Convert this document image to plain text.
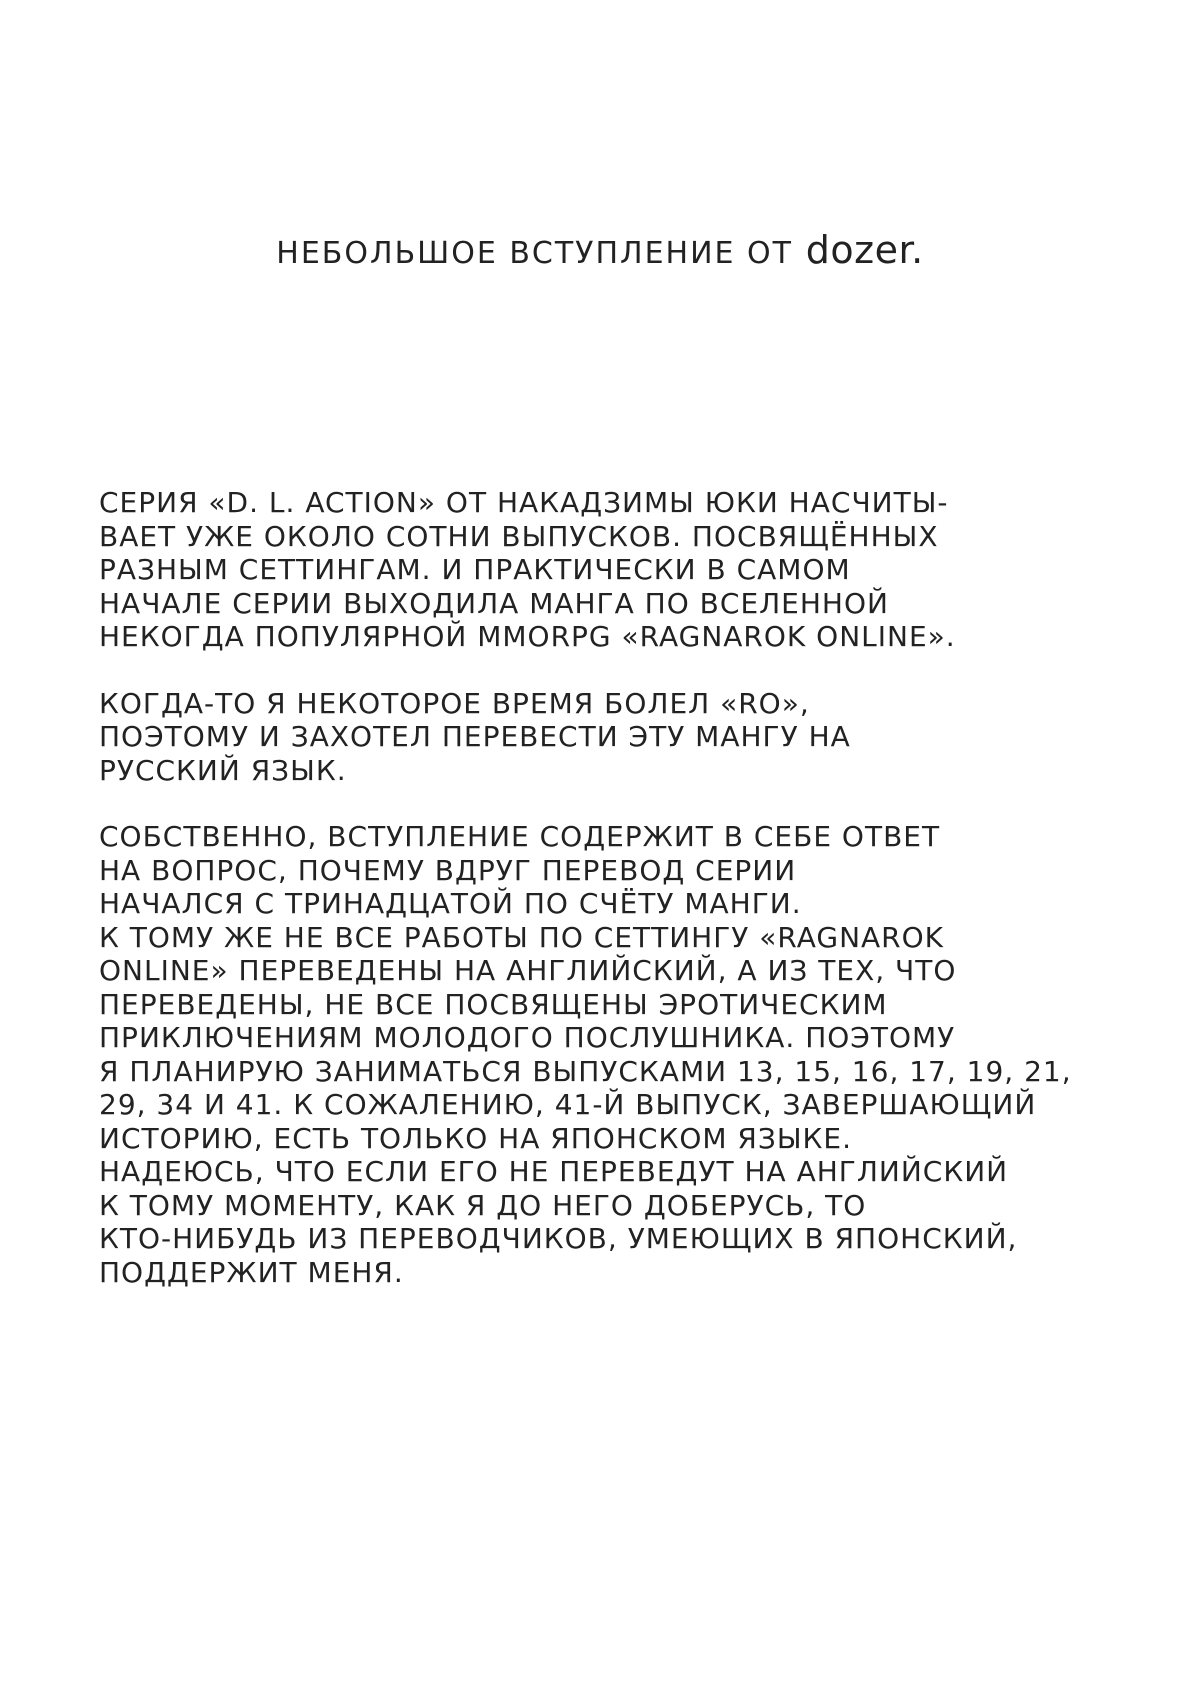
НЕБОЛЬШОЕ ВСТУПЛЕНИЕ ОТ dozer.

СЕРИЯ «D. L. ACTION» ОТ НАКАДЗИМЫ ЮКИ НАСЧИТЫ-
ВАЕТ УЖЕ ОКОЛО СОТНИ ВЫПУСКОВ. ПОСВЯЩЁННЫХ
РАЗНЫМ СЕТТИНГАМ. И ПРАКТИЧЕСКИ В САМОМ
НАЧАЛЕ СЕРИИ ВЫХОДИЛА МАНГА ПО ВСЕЛЕННОЙ
НЕКОГДА ПОПУЛЯРНОЙ MMORPG «RAGNAROK ONLINE».

КОГДА-ТО Я НЕКОТОРОЕ ВРЕМЯ БОЛЕЛ «RO»,
ПОЭТОМУ И ЗАХОТЕЛ ПЕРЕВЕСТИ ЭТУ МАНГУ НА
РУССКИЙ ЯЗЫК.

СОБСТВЕННО, ВСТУПЛЕНИЕ СОДЕРЖИТ В СЕБЕ ОТВЕТ
НА ВОПРОС, ПОЧЕМУ ВДРУГ ПЕРЕВОД СЕРИИ
НАЧАЛСЯ С ТРИНАДЦАТОЙ ПО СЧЁТУ МАНГИ.
К ТОМУ ЖЕ НЕ ВСЕ РАБОТЫ ПО СЕТТИНГУ «RAGNAROK
ONLINE» ПЕРЕВЕДЕНЫ НА АНГЛИЙСКИЙ, А ИЗ ТЕХ, ЧТО
ПЕРЕВЕДЕНЫ, НЕ ВСЕ ПОСВЯЩЕНЫ ЭРОТИЧЕСКИМ
ПРИКЛЮЧЕНИЯМ МОЛОДОГО ПОСЛУШНИКА. ПОЭТОМУ
Я ПЛАНИРУЮ ЗАНИМАТЬСЯ ВЫПУСКАМИ 13, 15, 16, 17, 19, 21,
29, 34 И 41. К СОЖАЛЕНИЮ, 41-Й ВЫПУСК, ЗАВЕРШАЮЩИЙ
ИСТОРИЮ, ЕСТЬ ТОЛЬКО НА ЯПОНСКОМ ЯЗЫКЕ.
НАДЕЮСЬ, ЧТО ЕСЛИ ЕГО НЕ ПЕРЕВЕДУТ НА АНГЛИЙСКИЙ
К ТОМУ МОМЕНТУ, КАК Я ДО НЕГО ДОБЕРУСЬ, ТО
КТО-НИБУДЬ ИЗ ПЕРЕВОДЧИКОВ, УМЕЮЩИХ В ЯПОНСКИЙ,
ПОДДЕРЖИТ МЕНЯ.
